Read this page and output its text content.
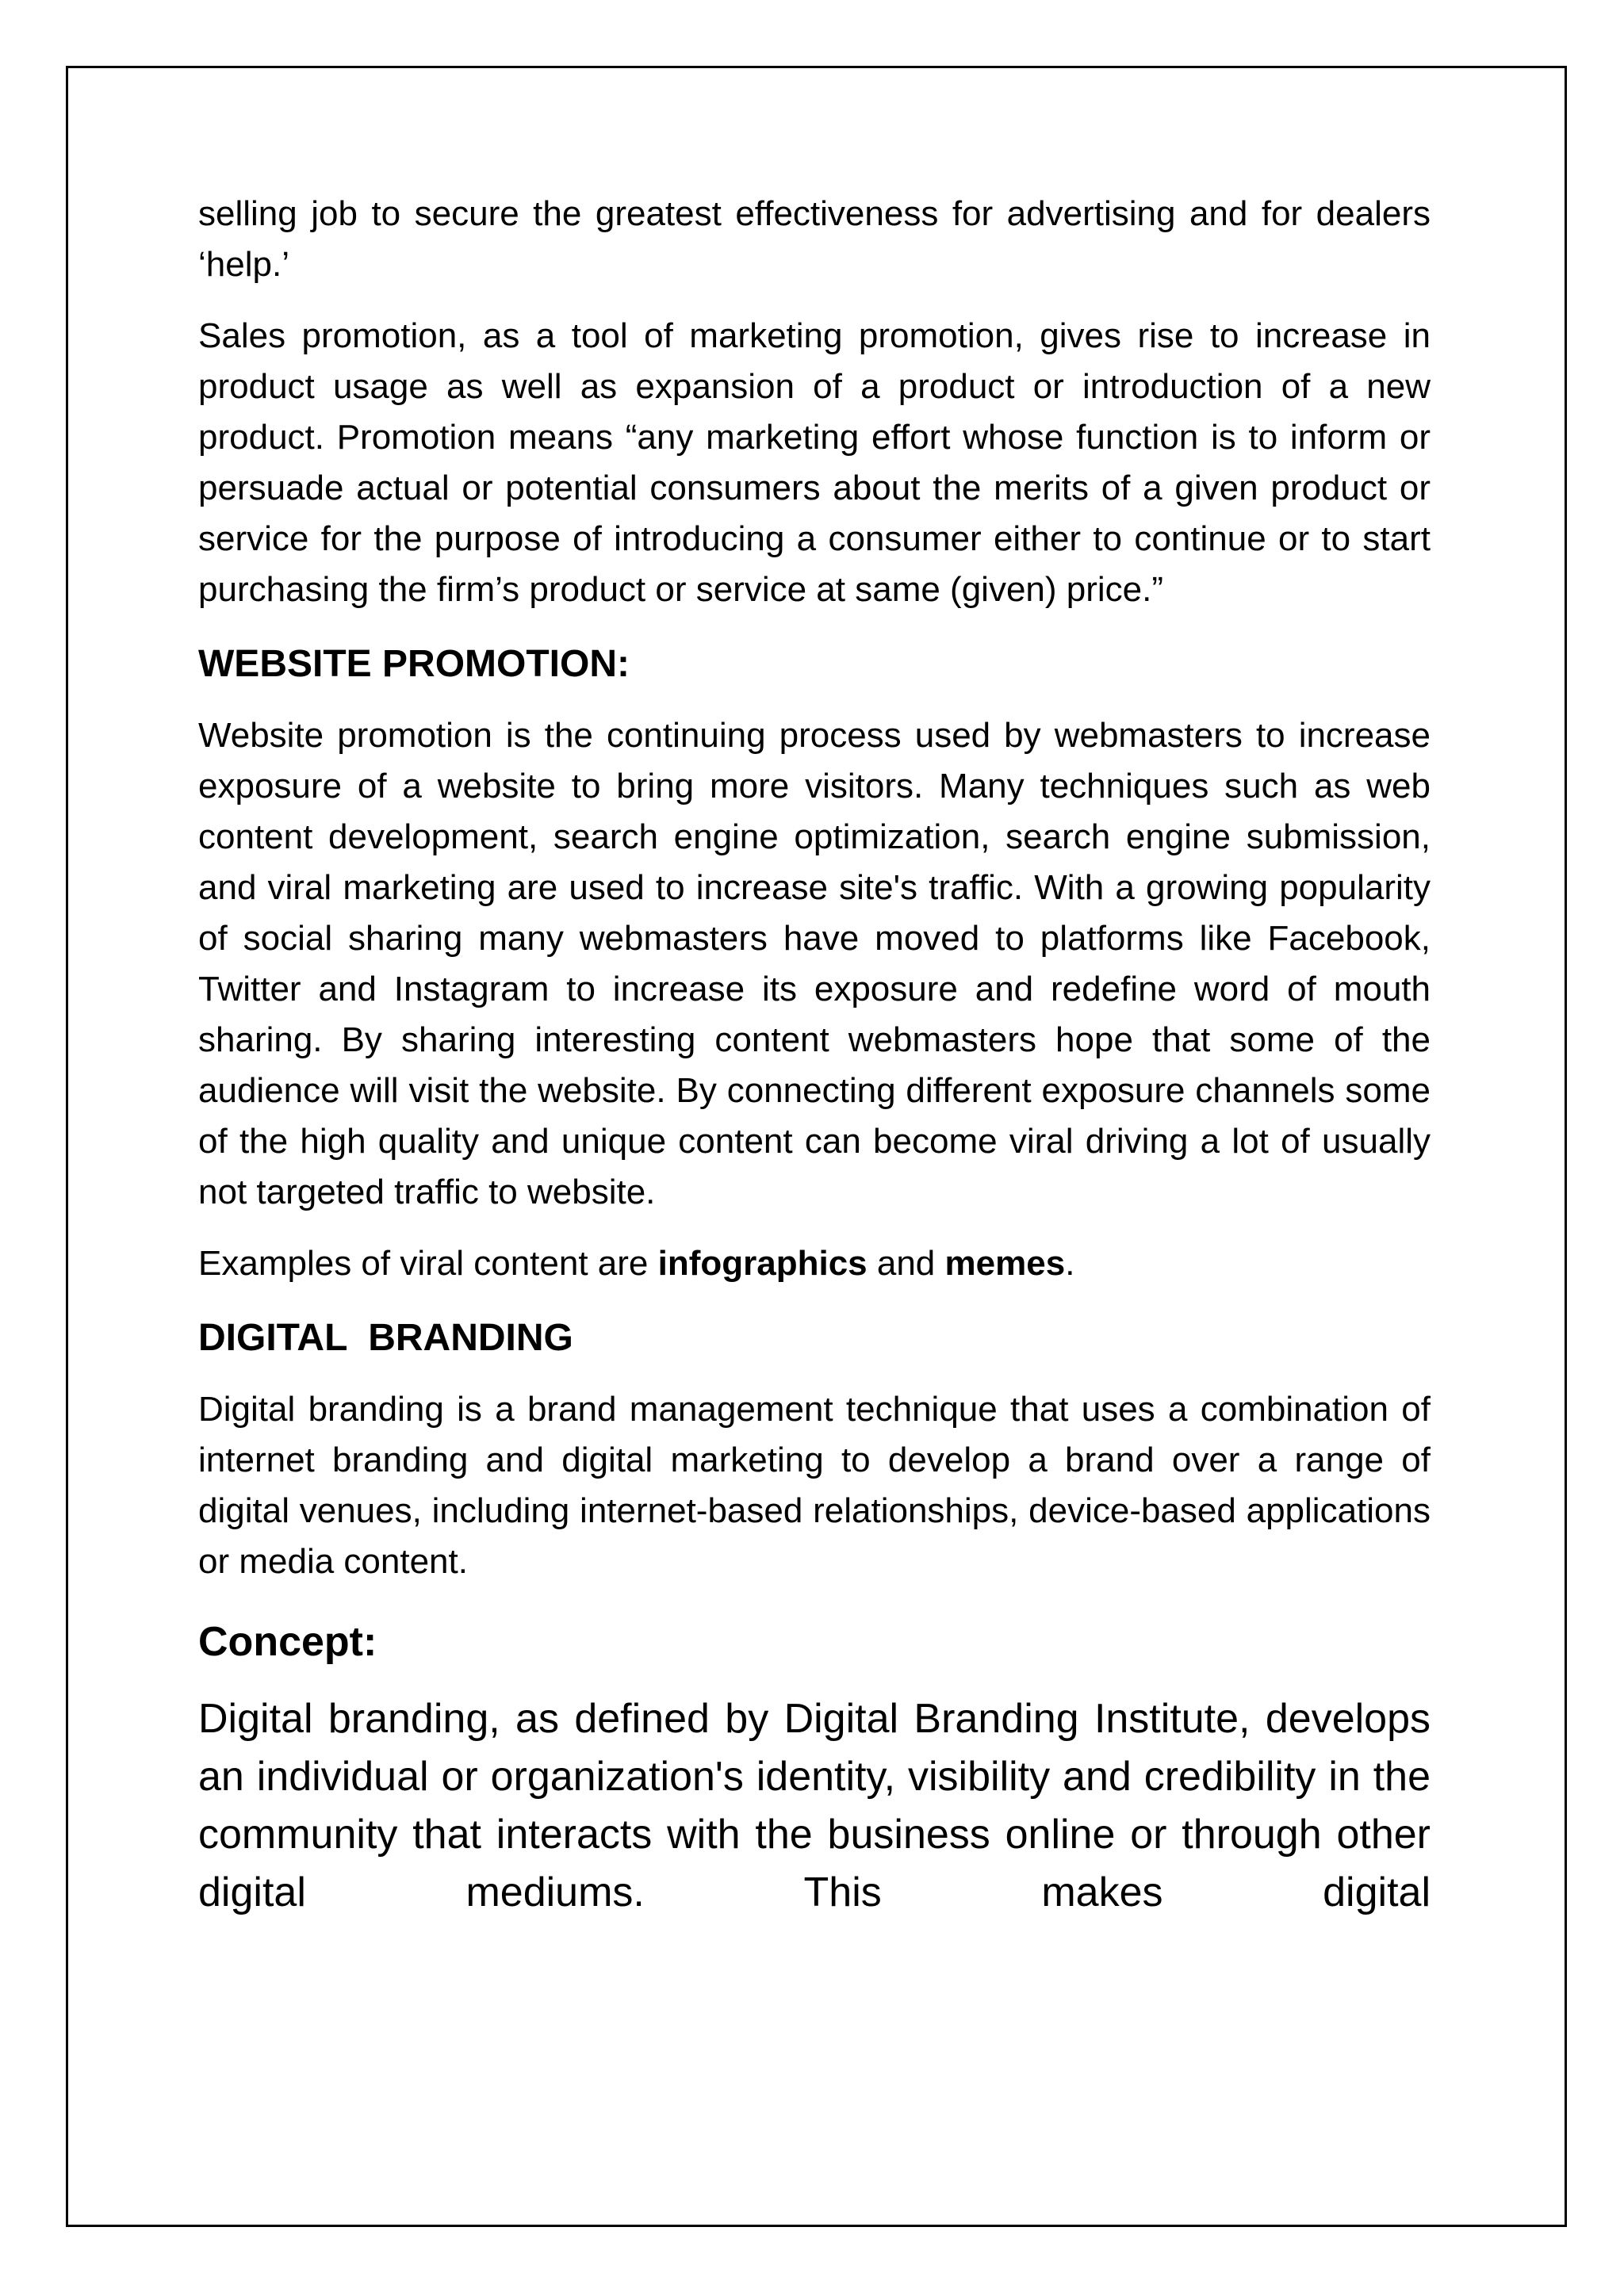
selling job to secure the greatest effectiveness for advertising and for dealers ‘help.’

Sales promotion, as a tool of marketing promotion, gives rise to increase in product usage as well as expansion of a product or introduction of a new product. Promotion means “any marketing effort whose function is to inform or persuade actual or potential consumers about the merits of a given product or service for the purpose of introducing a consumer either to continue or to start purchasing the firm’s product or service at same (given) price.”

WEBSITE PROMOTION:

Website promotion is the continuing process used by webmasters to increase exposure of a website to bring more visitors. Many techniques such as web content development, search engine optimization, search engine submission, and viral marketing are used to increase site's traffic. With a growing popularity of social sharing many webmasters have moved to platforms like Facebook, Twitter and Instagram to increase its exposure and redefine word of mouth sharing. By sharing interesting content webmasters hope that some of the audience will visit the website. By connecting different exposure channels some of the high quality and unique content can become viral driving a lot of usually not targeted traffic to website.

Examples of viral content are infographics and memes.

DIGITAL  BRANDING

Digital branding is a brand management technique that uses a combination of internet branding and digital marketing to develop a brand over a range of digital venues, including internet-based relationships, device-based applications or media content.

Concept:

Digital branding, as defined by Digital Branding Institute, develops an individual or organization's identity, visibility and credibility in the community that interacts with the business online or through other digital mediums. This makes digital
